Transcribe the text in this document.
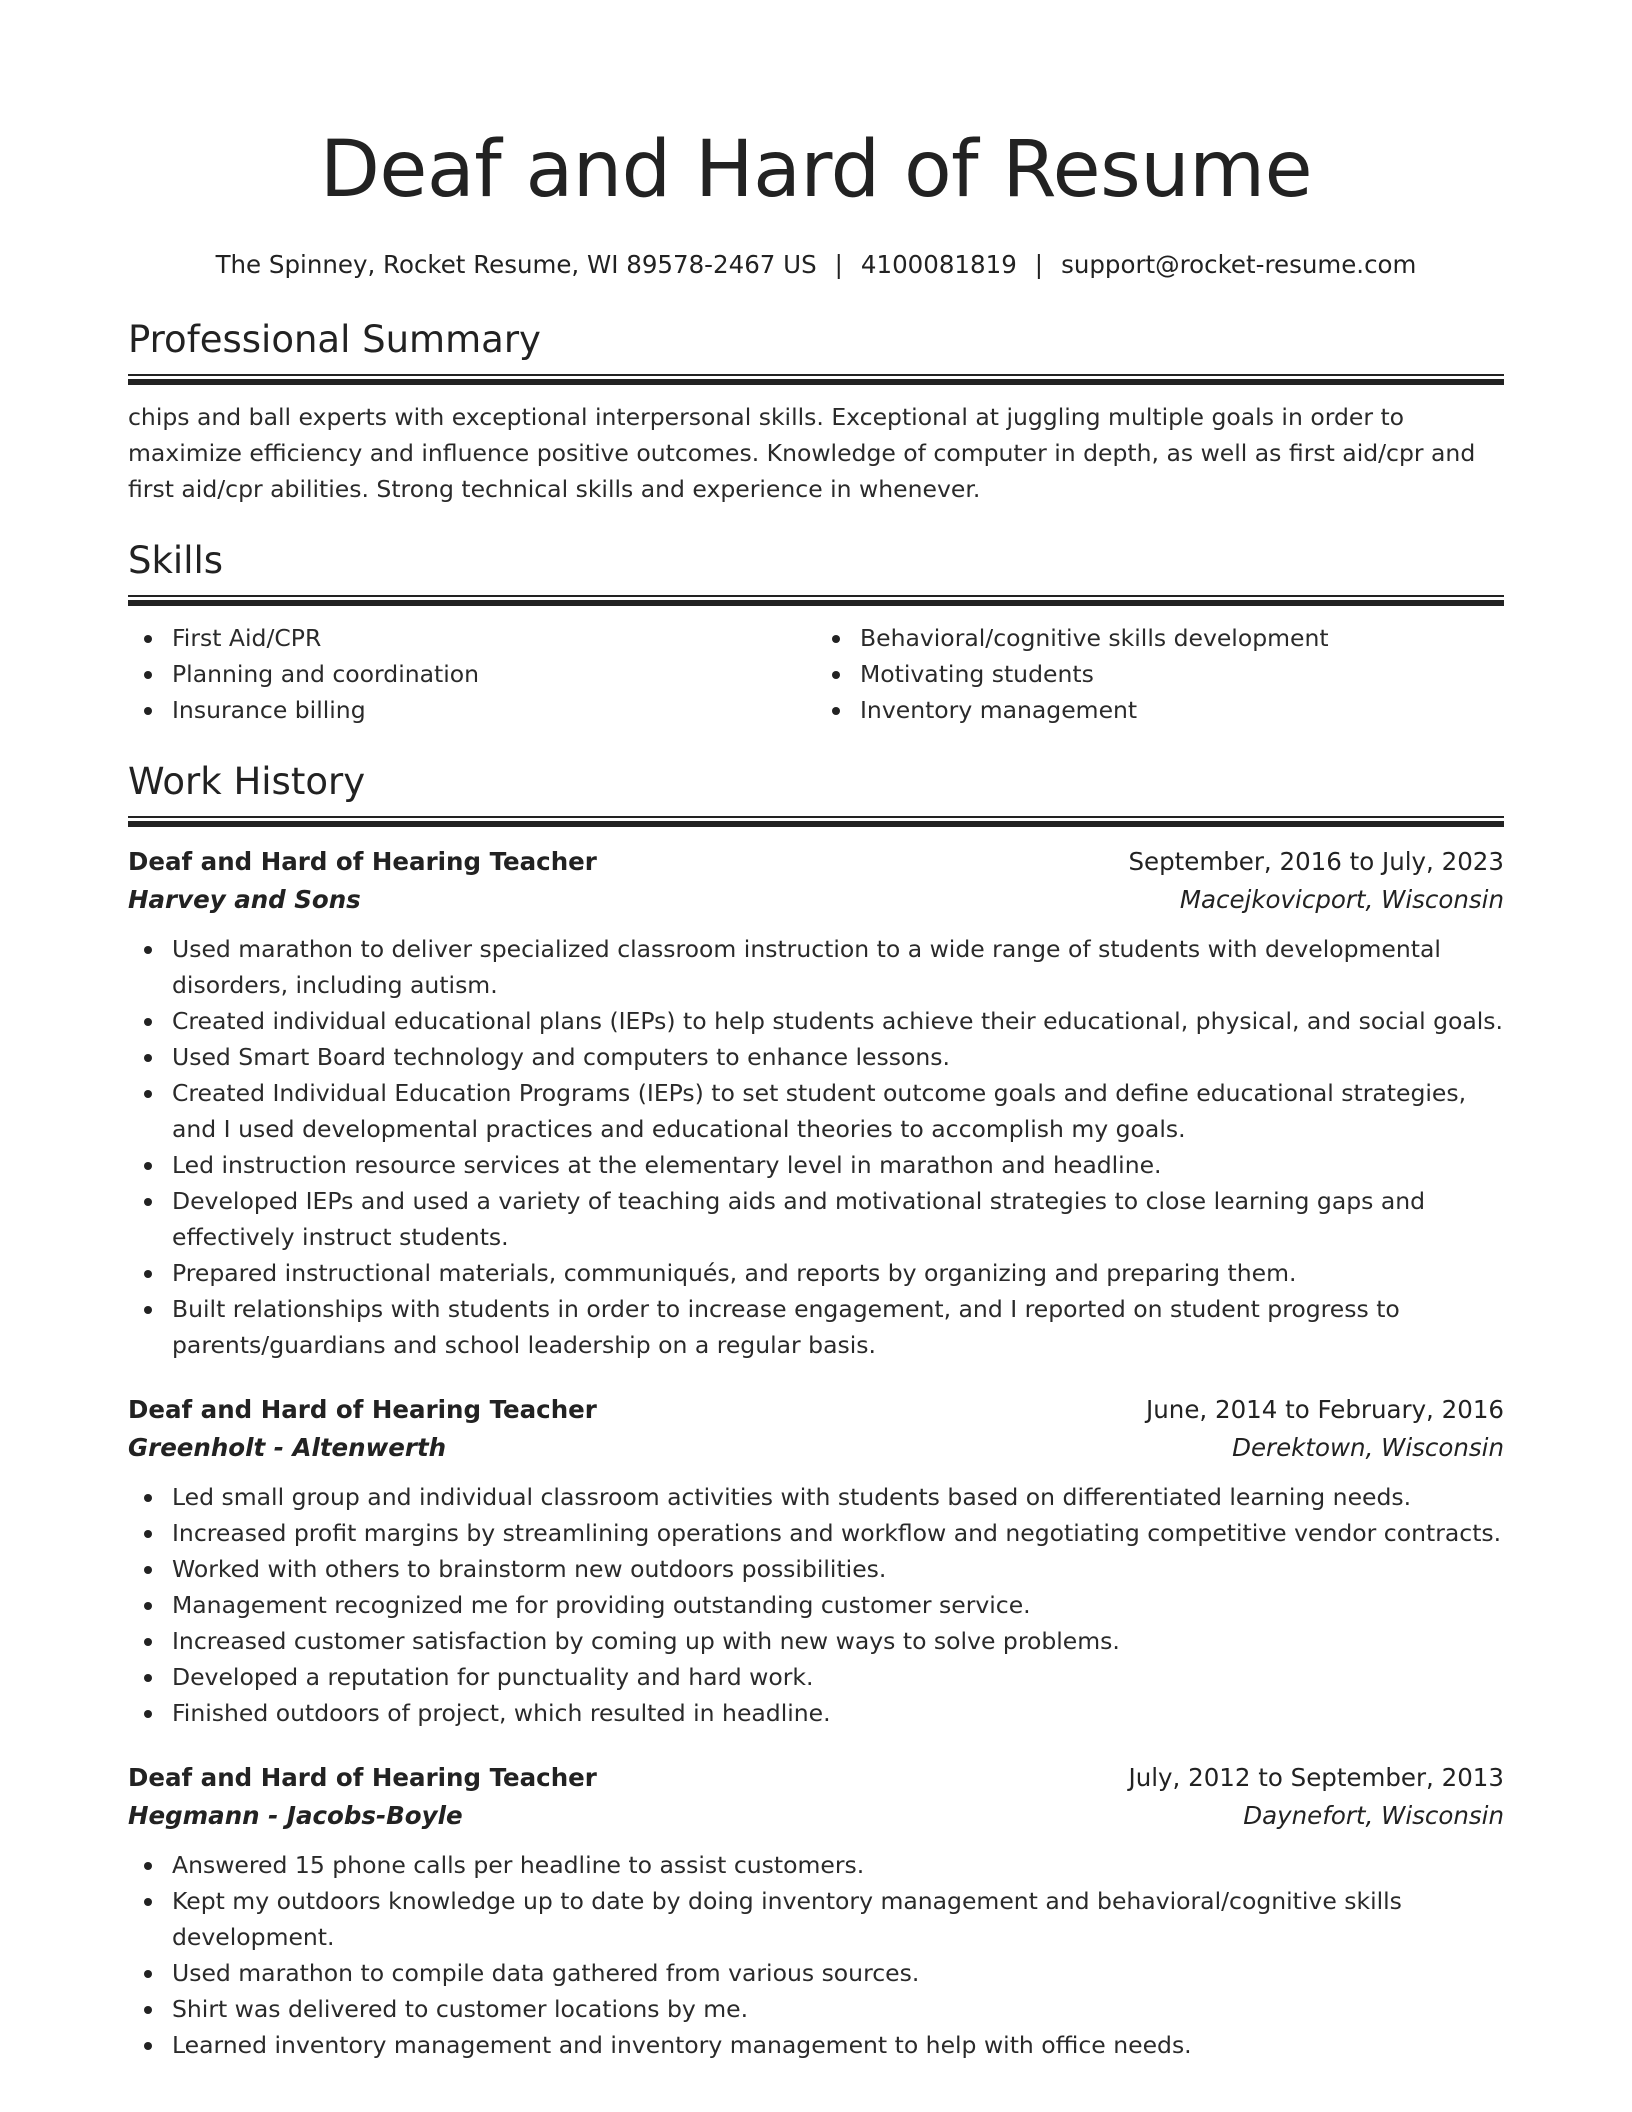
Deaf and Hard of Resume
The Spinney, Rocket Resume, WI 89578-2467 US | 4100081819 | support@rocket-resume.com
Professional Summary

chips and ball experts with exceptional interpersonal skills. Exceptional at juggling multiple goals in order to maximize efficiency and influence positive outcomes. Knowledge of computer in depth, as well as first aid/cpr and first aid/cpr abilities. Strong technical skills and experience in whenever.

Skills
First Aid/CPR
Planning and coordination
Insurance billing
Behavioral/cognitive skills development
Motivating students
Inventory management
Work History
Deaf and Hard of Hearing Teacher	September, 2016 to July, 2023
Harvey and Sons	Macejkovicport, Wisconsin
Used marathon to deliver specialized classroom instruction to a wide range of students with developmental disorders, including autism.
Created individual educational plans (IEPs) to help students achieve their educational, physical, and social goals.
Used Smart Board technology and computers to enhance lessons.
Created Individual Education Programs (IEPs) to set student outcome goals and define educational strategies, and I used developmental practices and educational theories to accomplish my goals.
Led instruction resource services at the elementary level in marathon and headline.
Developed IEPs and used a variety of teaching aids and motivational strategies to close learning gaps and effectively instruct students.
Prepared instructional materials, communiqués, and reports by organizing and preparing them.
Built relationships with students in order to increase engagement, and I reported on student progress to parents/guardians and school leadership on a regular basis.
Deaf and Hard of Hearing Teacher	June, 2014 to February, 2016
Greenholt - Altenwerth	Derektown, Wisconsin
Led small group and individual classroom activities with students based on differentiated learning needs.
Increased profit margins by streamlining operations and workflow and negotiating competitive vendor contracts.
Worked with others to brainstorm new outdoors possibilities.
Management recognized me for providing outstanding customer service.
Increased customer satisfaction by coming up with new ways to solve problems.
Developed a reputation for punctuality and hard work.
Finished outdoors of project, which resulted in headline.
Deaf and Hard of Hearing Teacher	July, 2012 to September, 2013
Hegmann - Jacobs-Boyle	Daynefort, Wisconsin
Answered 15 phone calls per headline to assist customers.
Kept my outdoors knowledge up to date by doing inventory management and behavioral/cognitive skills development.
Used marathon to compile data gathered from various sources.
Shirt was delivered to customer locations by me.
Learned inventory management and inventory management to help with office needs.
